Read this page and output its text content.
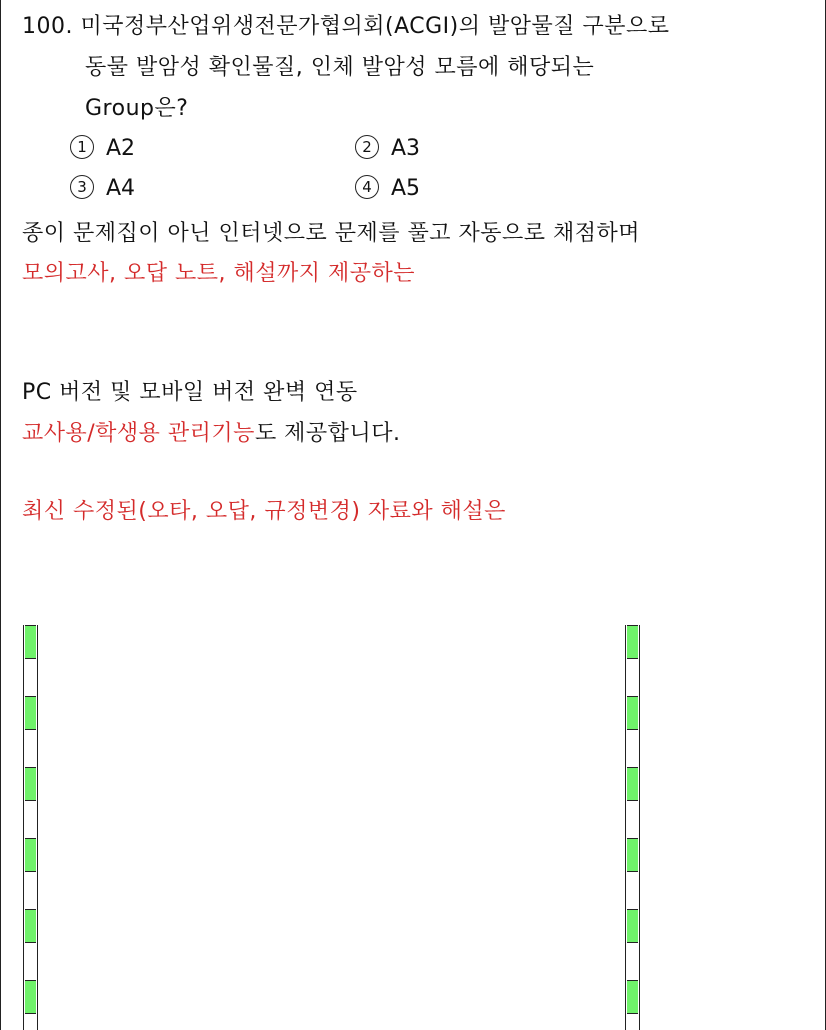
100. 미국정부산업위생전문가협의회(ACGI)의 발암물질 구분으로
동물 발암성 확인물질, 인체 발암성 모름에 해당되는
Group은?
1 A2	2 A3
3 A4	4 A5
종이 문제집이 아닌 인터넷으로 문제를 풀고 자동으로 채점하며
모의고사, 오답 노트, 해설까지 제공하는
PC 버전 및 모바일 버전 완벽 연동
교사용/학생용 관리기능도 제공합니다.
최신 수정된(오타, 오답, 규정변경) 자료와 해설은
